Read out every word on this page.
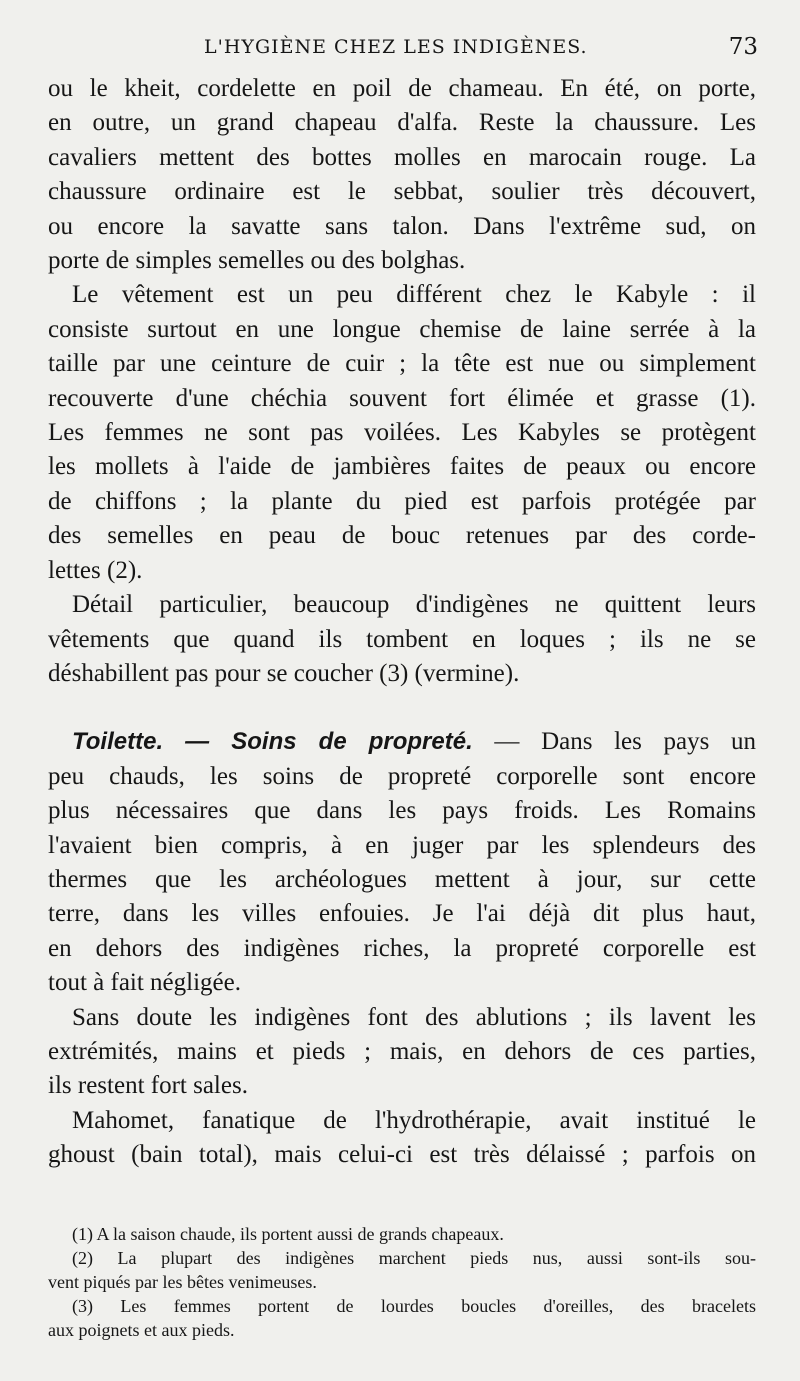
L'HYGIÈNE CHEZ LES INDIGÈNES.	73

ou le kheit, cordelette en poil de chameau. En été, on porte,

en outre, un grand chapeau d'alfa. Reste la chaussure. Les

cavaliers mettent des bottes molles en marocain rouge. La

chaussure ordinaire est le sebbat, soulier très découvert,

ou encore la savatte sans talon. Dans l'extrême sud, on

porte de simples semelles ou des bolghas.

Le vêtement est un peu différent chez le Kabyle : il

consiste surtout en une longue chemise de laine serrée à la

taille par une ceinture de cuir ; la tête est nue ou simplement

recouverte d'une chéchia souvent fort élimée et grasse (1).

Les femmes ne sont pas voilées. Les Kabyles se protègent

les mollets à l'aide de jambières faites de peaux ou encore

de chiffons ; la plante du pied est parfois protégée par

des semelles en peau de bouc retenues par des corde-

lettes (2).

Détail particulier, beaucoup d'indigènes ne quittent leurs

vêtements que quand ils tombent en loques ; ils ne se

déshabillent pas pour se coucher (3) (vermine).

Toilette. — Soins de propreté. — Dans les pays un

peu chauds, les soins de propreté corporelle sont encore

plus nécessaires que dans les pays froids. Les Romains

l'avaient bien compris, à en juger par les splendeurs des

thermes que les archéologues mettent à jour, sur cette

terre, dans les villes enfouies. Je l'ai déjà dit plus haut,

en dehors des indigènes riches, la propreté corporelle est

tout à fait négligée.

Sans doute les indigènes font des ablutions ; ils lavent les

extrémités, mains et pieds ; mais, en dehors de ces parties,

ils restent fort sales.

Mahomet, fanatique de l'hydrothérapie, avait institué le

ghoust (bain total), mais celui-ci est très délaissé ; parfois on

(1) A la saison chaude, ils portent aussi de grands chapeaux.

(2) La plupart des indigènes marchent pieds nus, aussi sont-ils sou-

vent piqués par les bêtes venimeuses.

(3) Les femmes portent de lourdes boucles d'oreilles, des bracelets

aux poignets et aux pieds.
